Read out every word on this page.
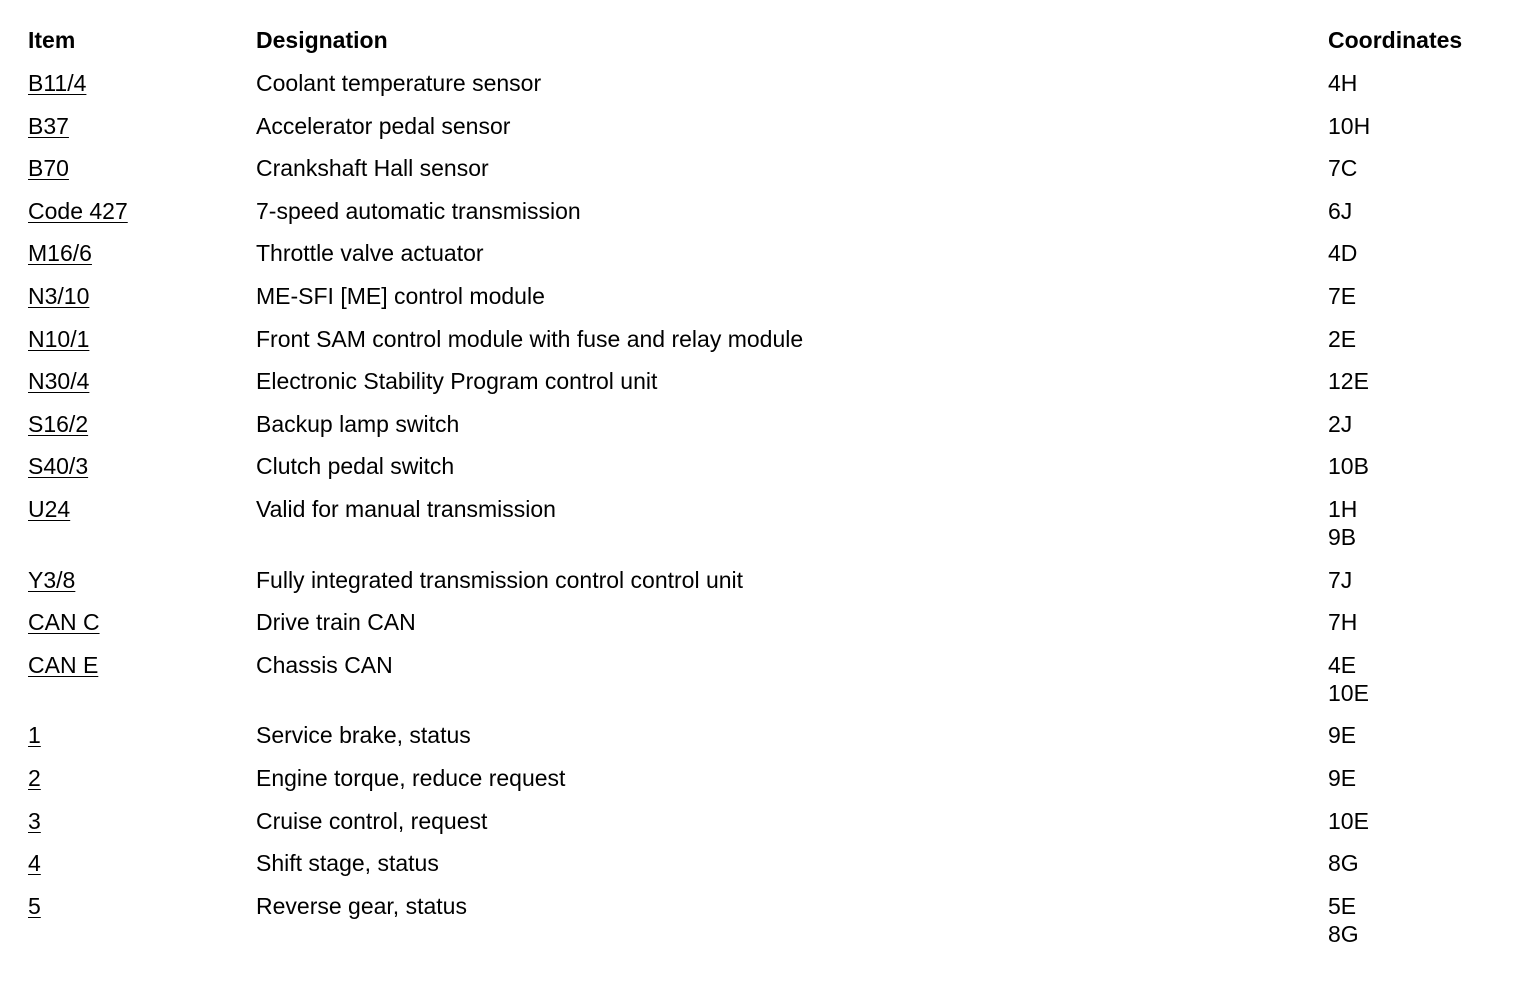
Item	Designation	Coordinates
B11/4	Coolant temperature sensor	4H
B37	Accelerator pedal sensor	10H
B70	Crankshaft Hall sensor	7C
Code 427	7-speed automatic transmission	6J
M16/6	Throttle valve actuator	4D
N3/10	ME-SFI [ME] control module	7E
N10/1	Front SAM control module with fuse and relay module	2E
N30/4	Electronic Stability Program control unit	12E
S16/2	Backup lamp switch	2J
S40/3	Clutch pedal switch	10B
U24	Valid for manual transmission	1H
9B
Y3/8	Fully integrated transmission control control unit	7J
CAN C	Drive train CAN	7H
CAN E	Chassis CAN	4E
10E
1	Service brake, status	9E
2	Engine torque, reduce request	9E
3	Cruise control, request	10E
4	Shift stage, status	8G
5	Reverse gear, status	5E
8G
